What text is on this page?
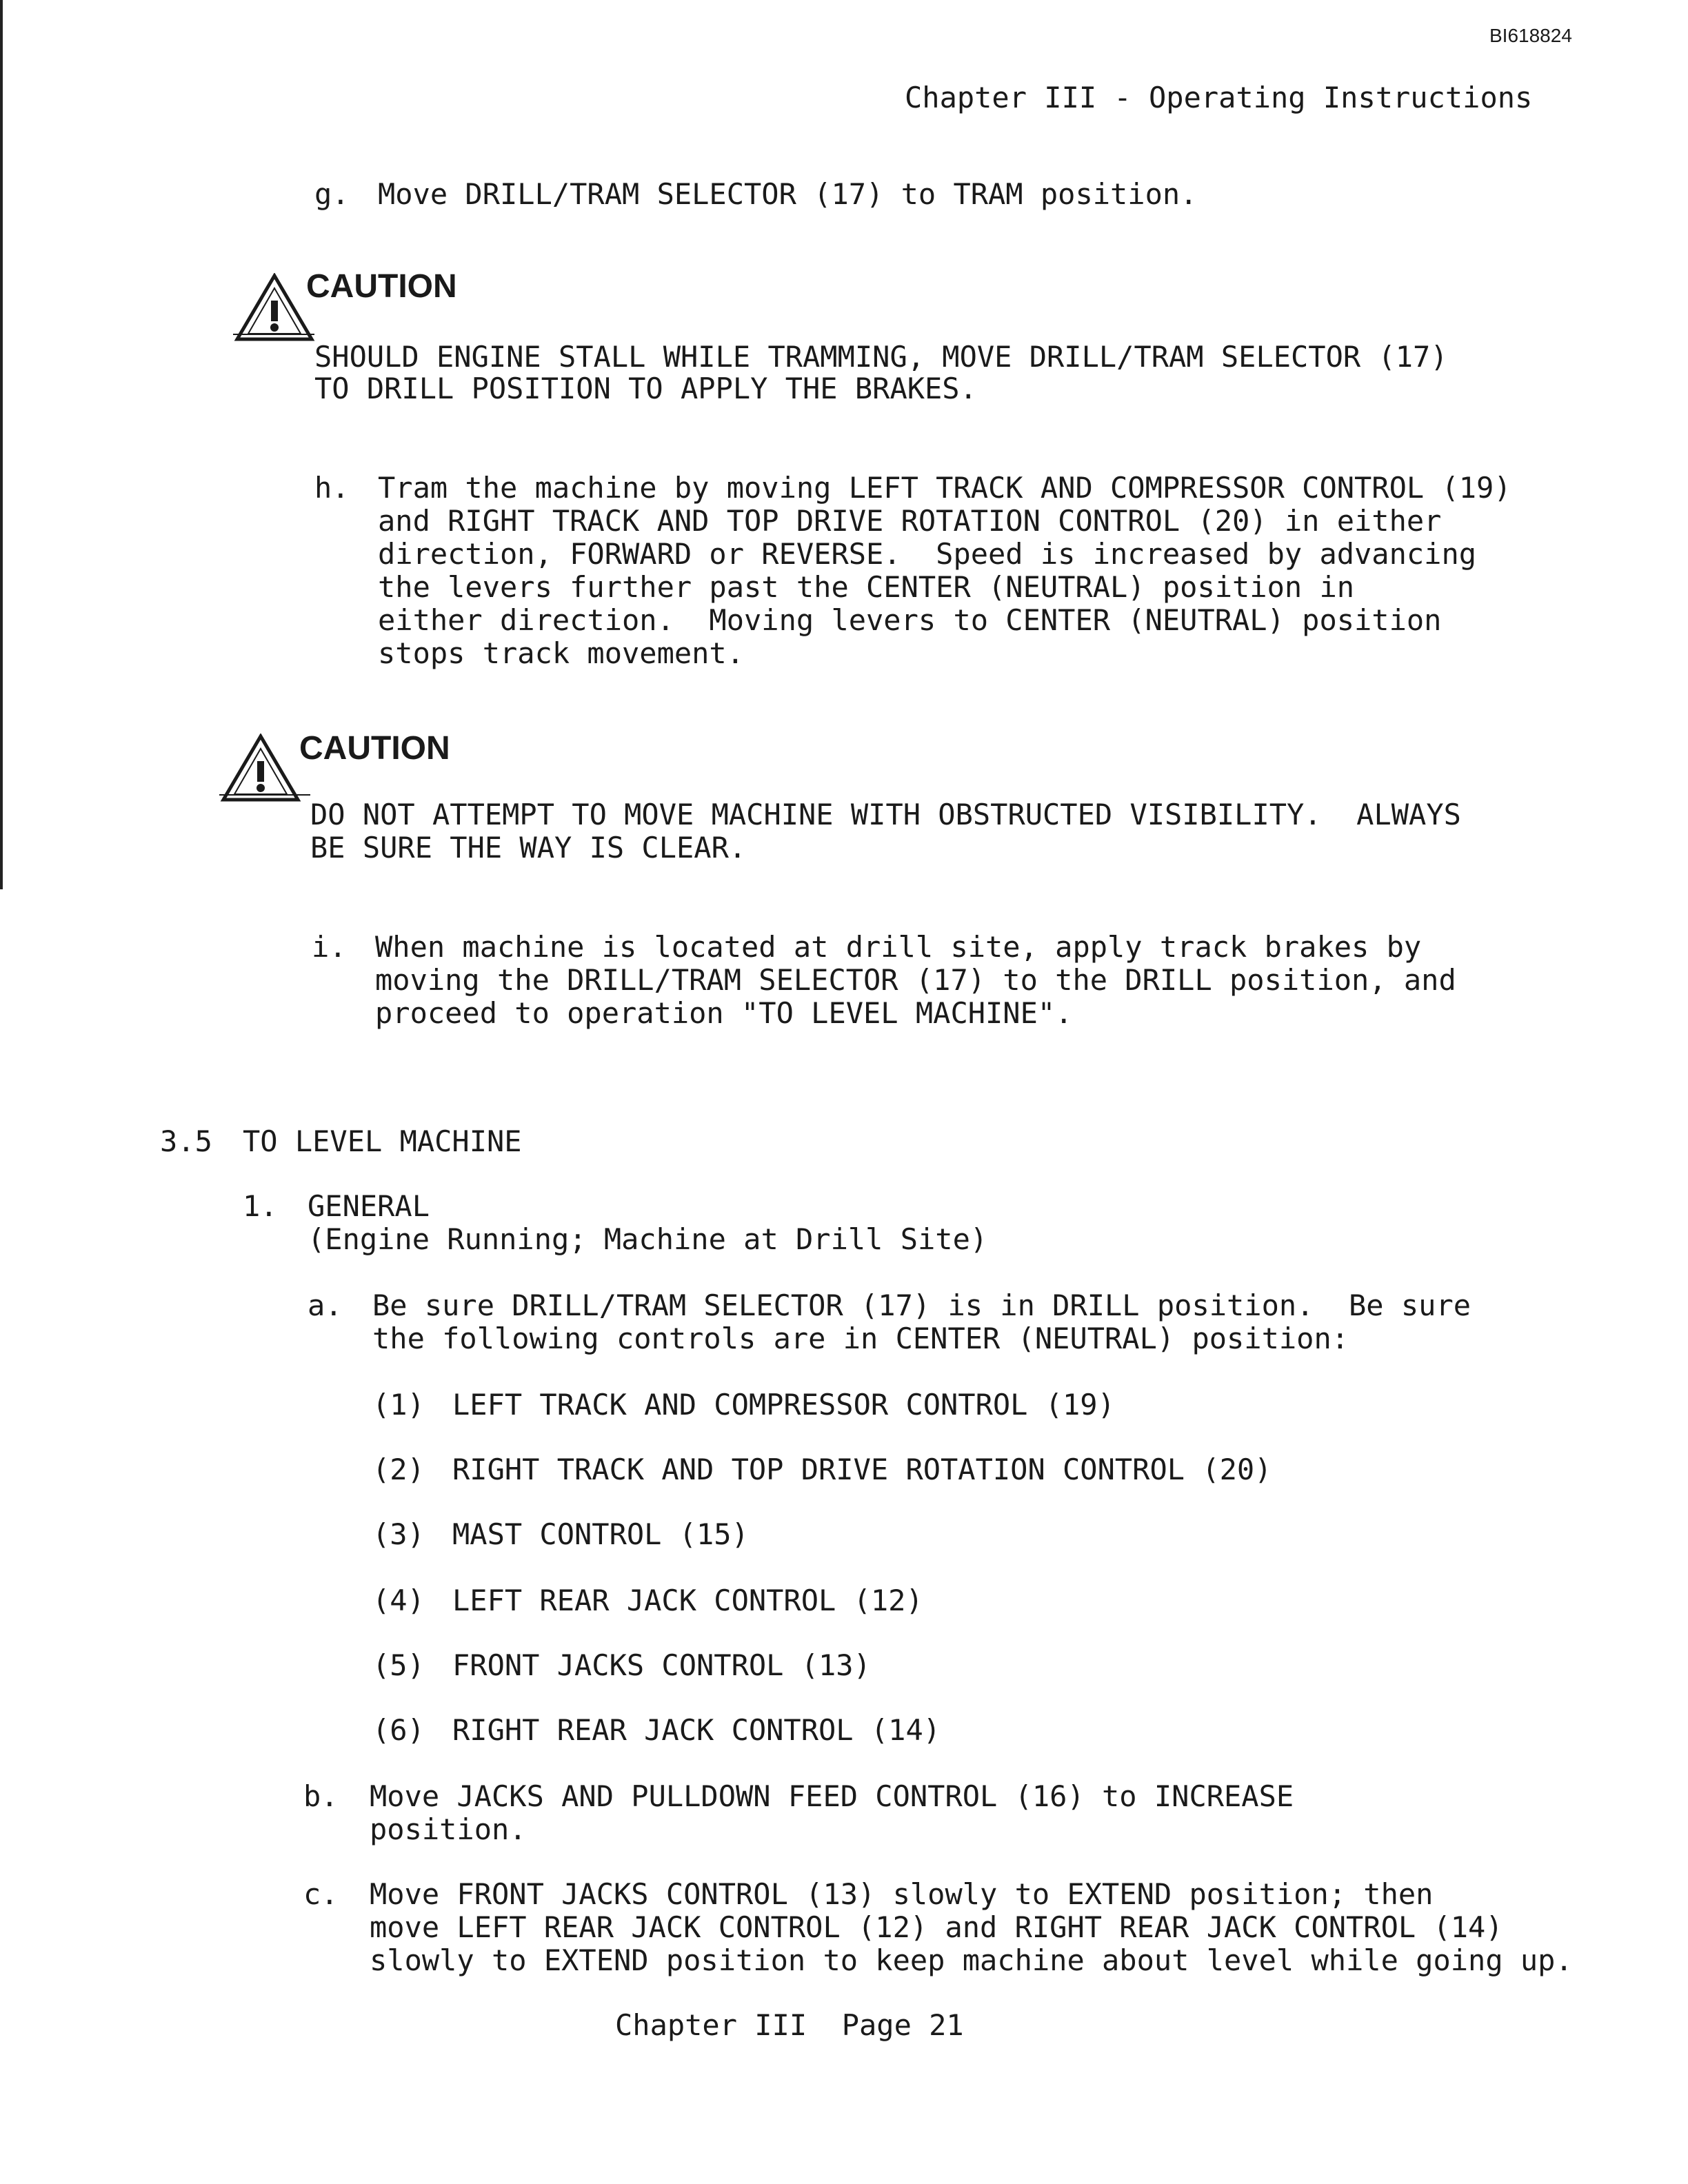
BI618824
Chapter III - Operating Instructions
g. Move DRILL/TRAM SELECTOR (17) to TRAM position.
CAUTION
SHOULD ENGINE STALL WHILE TRAMMING, MOVE DRILL/TRAM SELECTOR (17)
TO DRILL POSITION TO APPLY THE BRAKES.
h. Tram the machine by moving LEFT TRACK AND COMPRESSOR CONTROL (19)
and RIGHT TRACK AND TOP DRIVE ROTATION CONTROL (20) in either
direction, FORWARD or REVERSE.  Speed is increased by advancing
the levers further past the CENTER (NEUTRAL) position in
either direction.  Moving levers to CENTER (NEUTRAL) position
stops track movement.
CAUTION
DO NOT ATTEMPT TO MOVE MACHINE WITH OBSTRUCTED VISIBILITY.  ALWAYS
BE SURE THE WAY IS CLEAR.
i. When machine is located at drill site, apply track brakes by
moving the DRILL/TRAM SELECTOR (17) to the DRILL position, and
proceed to operation "TO LEVEL MACHINE".
3.5 TO LEVEL MACHINE
1. GENERAL
(Engine Running; Machine at Drill Site)
a. Be sure DRILL/TRAM SELECTOR (17) is in DRILL position.  Be sure
the following controls are in CENTER (NEUTRAL) position:
(1) LEFT TRACK AND COMPRESSOR CONTROL (19)
(2) RIGHT TRACK AND TOP DRIVE ROTATION CONTROL (20)
(3) MAST CONTROL (15)
(4) LEFT REAR JACK CONTROL (12)
(5) FRONT JACKS CONTROL (13)
(6) RIGHT REAR JACK CONTROL (14)
b. Move JACKS AND PULLDOWN FEED CONTROL (16) to INCREASE
position.
c. Move FRONT JACKS CONTROL (13) slowly to EXTEND position; then
move LEFT REAR JACK CONTROL (12) and RIGHT REAR JACK CONTROL (14)
slowly to EXTEND position to keep machine about level while going up.
Chapter III  Page 21
